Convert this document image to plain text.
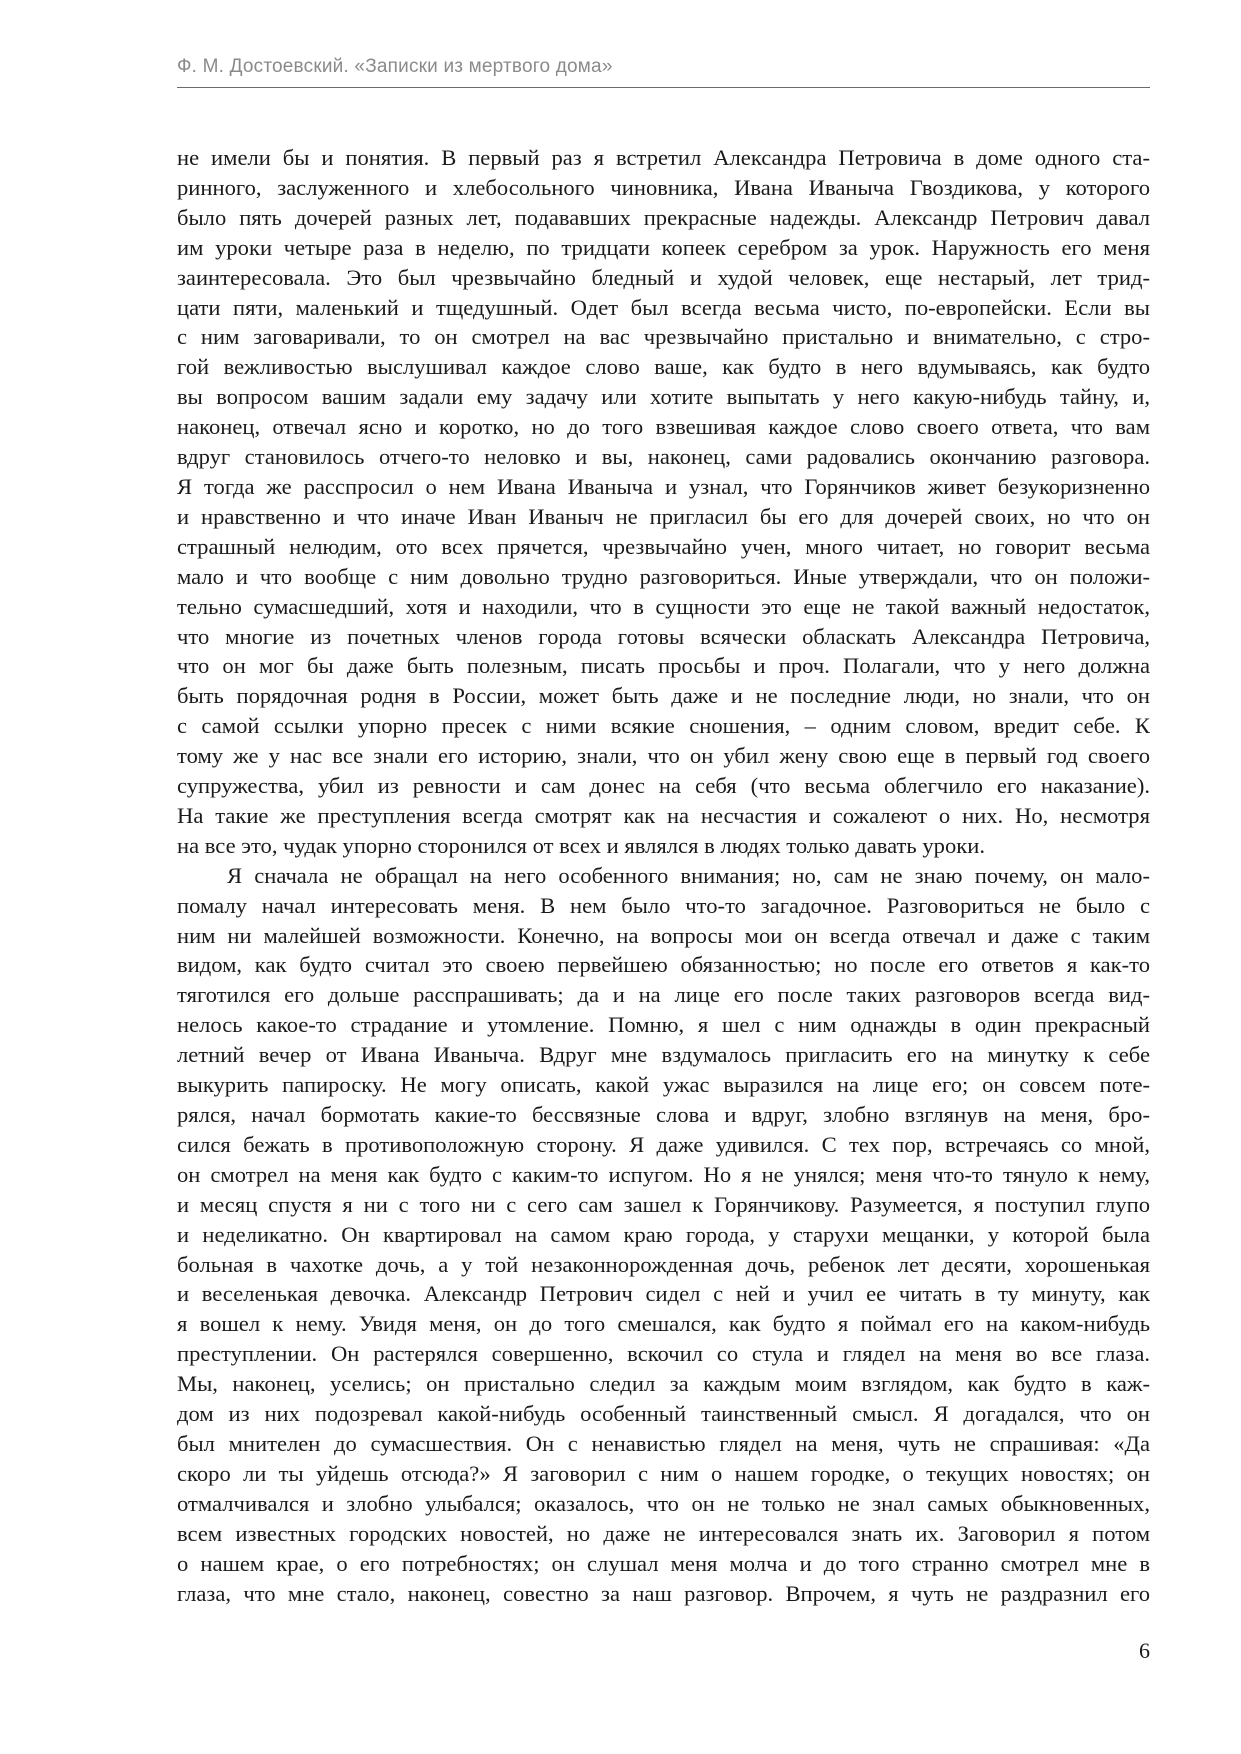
Ф. М. Достоевский. «Записки из мертвого дома»
не имели бы и понятия. В первый раз я встретил Александра Петровича в доме одного ста-
ринного, заслуженного и хлебосольного чиновника, Ивана Иваныча Гвоздикова, у которого
было пять дочерей разных лет, подававших прекрасные надежды. Александр Петрович давал
им уроки четыре раза в неделю, по тридцати копеек серебром за урок. Наружность его меня
заинтересовала. Это был чрезвычайно бледный и худой человек, еще нестарый, лет трид-
цати пяти, маленький и тщедушный. Одет был всегда весьма чисто, по-европейски. Если вы
с ним заговаривали, то он смотрел на вас чрезвычайно пристально и внимательно, с стро-
гой вежливостью выслушивал каждое слово ваше, как будто в него вдумываясь, как будто
вы вопросом вашим задали ему задачу или хотите выпытать у него какую-нибудь тайну, и,
наконец, отвечал ясно и коротко, но до того взвешивая каждое слово своего ответа, что вам
вдруг становилось отчего-то неловко и вы, наконец, сами радовались окончанию разговора.
Я тогда же расспросил о нем Ивана Иваныча и узнал, что Горянчиков живет безукоризненно
и нравственно и что иначе Иван Иваныч не пригласил бы его для дочерей своих, но что он
страшный нелюдим, ото всех прячется, чрезвычайно учен, много читает, но говорит весьма
мало и что вообще с ним довольно трудно разговориться. Иные утверждали, что он положи-
тельно сумасшедший, хотя и находили, что в сущности это еще не такой важный недостаток,
что многие из почетных членов города готовы всячески обласкать Александра Петровича,
что он мог бы даже быть полезным, писать просьбы и проч. Полагали, что у него должна
быть порядочная родня в России, может быть даже и не последние люди, но знали, что он
с самой ссылки упорно пресек с ними всякие сношения, – одним словом, вредит себе. К
тому же у нас все знали его историю, знали, что он убил жену свою еще в первый год своего
супружества, убил из ревности и сам донес на себя (что весьма облегчило его наказание).
На такие же преступления всегда смотрят как на несчастия и сожалеют о них. Но, несмотря
на все это, чудак упорно сторонился от всех и являлся в людях только давать уроки.
Я сначала не обращал на него особенного внимания; но, сам не знаю почему, он мало-
помалу начал интересовать меня. В нем было что-то загадочное. Разговориться не было с
ним ни малейшей возможности. Конечно, на вопросы мои он всегда отвечал и даже с таким
видом, как будто считал это своею первейшею обязанностью; но после его ответов я как-то
тяготился его дольше расспрашивать; да и на лице его после таких разговоров всегда вид-
нелось какое-то страдание и утомление. Помню, я шел с ним однажды в один прекрасный
летний вечер от Ивана Иваныча. Вдруг мне вздумалось пригласить его на минутку к себе
выкурить папироску. Не могу описать, какой ужас выразился на лице его; он совсем поте-
рялся, начал бормотать какие-то бессвязные слова и вдруг, злобно взглянув на меня, бро-
сился бежать в противоположную сторону. Я даже удивился. С тех пор, встречаясь со мной,
он смотрел на меня как будто с каким-то испугом. Но я не унялся; меня что-то тянуло к нему,
и месяц спустя я ни с того ни с сего сам зашел к Горянчикову. Разумеется, я поступил глупо
и неделикатно. Он квартировал на самом краю города, у старухи мещанки, у которой была
больная в чахотке дочь, а у той незаконнорожденная дочь, ребенок лет десяти, хорошенькая
и веселенькая девочка. Александр Петрович сидел с ней и учил ее читать в ту минуту, как
я вошел к нему. Увидя меня, он до того смешался, как будто я поймал его на каком-нибудь
преступлении. Он растерялся совершенно, вскочил со стула и глядел на меня во все глаза.
Мы, наконец, уселись; он пристально следил за каждым моим взглядом, как будто в каж-
дом из них подозревал какой-нибудь особенный таинственный смысл. Я догадался, что он
был мнителен до сумасшествия. Он с ненавистью глядел на меня, чуть не спрашивая: «Да
скоро ли ты уйдешь отсюда?» Я заговорил с ним о нашем городке, о текущих новостях; он
отмалчивался и злобно улыбался; оказалось, что он не только не знал самых обыкновенных,
всем известных городских новостей, но даже не интересовался знать их. Заговорил я потом
о нашем крае, о его потребностях; он слушал меня молча и до того странно смотрел мне в
глаза, что мне стало, наконец, совестно за наш разговор. Впрочем, я чуть не раздразнил его
6
